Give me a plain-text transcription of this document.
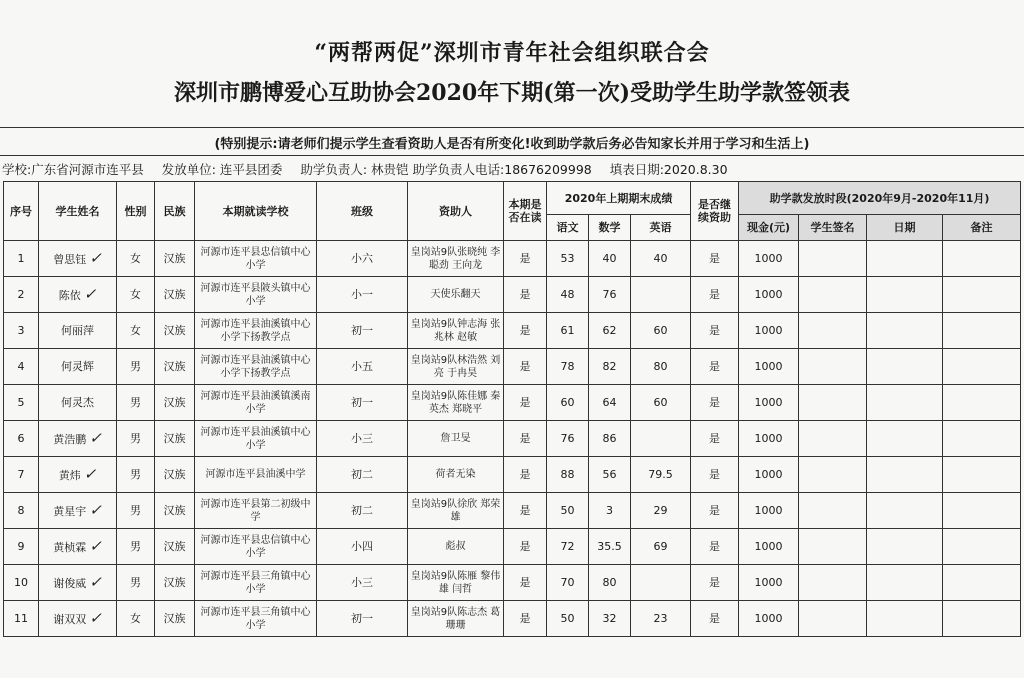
“两帮两促”深圳市青年社会组织联合会
深圳市鹏博爱心互助协会2020年下期(第一次)受助学生助学款签领表
(特别提示:请老师们提示学生查看资助人是否有所变化!收到助学款后务必告知家长并用于学习和生活上)
学校:广东省河源市连平县 发放单位: 连平县团委 助学负责人: 林贵铠 助学负责人电话:18676209998 填表日期:2020.8.30
序号	学生姓名	性别	民族	本期就读学校	班级	资助人	本期是否在读	2020年上期期末成绩			是否继续资助	助学款发放时段(2020年9月-2020年11月)			
								语文	数学	英语		现金(元)	学生签名	日期	备注
1	曾思钰 ✓	女	汉族	河源市连平县忠信镇中心小学	小六	皇岗站9队张晓纯 李聪劲 王向龙	是	53	40	40	是	1000			
2	陈依 ✓	女	汉族	河源市连平县陂头镇中心小学	小一	天使乐翻天	是	48	76		是	1000			
3	何丽萍	女	汉族	河源市连平县油溪镇中心小学下扬教学点	初一	皇岗站9队钟志海 张兆林 赵敏	是	61	62	60	是	1000			
4	何灵辉	男	汉族	河源市连平县油溪镇中心小学下扬教学点	小五	皇岗站9队林浩然 刘亮 于冉昊	是	78	82	80	是	1000			
5	何灵杰	男	汉族	河源市连平县油溪镇溪南小学	初一	皇岗站9队陈佳娜 秦英杰 郑晓平	是	60	64	60	是	1000			
6	黄浩鹏 ✓	男	汉族	河源市连平县油溪镇中心小学	小三	詹卫旻	是	76	86		是	1000			
7	黄炜 ✓	男	汉族	河源市连平县油溪中学	初二	荷者无染	是	88	56	79.5	是	1000			
8	黄星宇 ✓	男	汉族	河源市连平县第二初级中学	初二	皇岗站9队徐欣 郑荣雄	是	50	3	29	是	1000			
9	黄桢霖 ✓	男	汉族	河源市连平县忠信镇中心小学	小四	彪叔	是	72	35.5	69	是	1000			
10	谢俊威 ✓	男	汉族	河源市连平县三角镇中心小学	小三	皇岗站9队陈雁 黎伟雄 闫哲	是	70	80		是	1000			
11	谢双双 ✓	女	汉族	河源市连平县三角镇中心小学	初一	皇岗站9队陈志杰 葛珊珊	是	50	32	23	是	1000			
